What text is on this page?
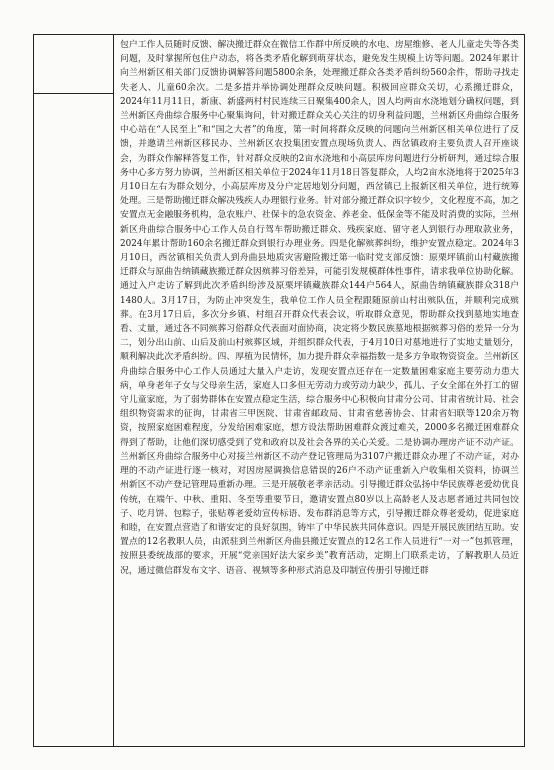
包户工作人员随时反馈、解决搬迁群众在微信工作群中所反映的水电、房屋维修、老人儿童走失等各类问题，及时掌握所包住户动态，将各类矛盾化解到萌芽状态，避免发生规模上访等问题。2024年累计向兰州新区相关部门反馈协调解答问题5800余条，处理搬迁群众各类矛盾纠纷560余件，帮助寻找走失老人、儿童60余次。二是多措并举协调处理群众反映问题。积极回应群众关切，心系搬迁群众，2024年11月11日，新康、新盛两村村民连续三日聚集400余人，因人均两亩水浇地划分确权问题，到兰州新区舟曲综合服务中心聚集询问，针对搬迁群众关心关注的切身利益问题，兰州新区舟曲综合服务中心站在“人民至上”和“国之大者”的角度，第一时间将群众反映的问题向兰州新区相关单位进行了反馈，并邀请兰州新区移民办、兰州新区农投集团安置点现场负责人、西岔镇政府主要负责人召开座谈会，为群众作解释答复工作，针对群众反映的2亩水浇地和小高层库房问题进行分析研判，通过综合服务中心多方努力协调，兰州新区相关单位于2024年11月18日答复群众，人均2亩水浇地将于2025年3月10日左右为群众划分，小高层库房及分户定居地划分问题，西岔镇已上报新区相关单位，进行统筹处理。三是帮助搬迁群众解决残疾人办理银行业务。针对部分搬迁群众识字较少，文化程度不高，加之安置点无金融服务机构，急农账户、社保卡的急农资金、养老金、低保金等不能及时消费的实际，兰州新区舟曲综合服务中心工作人员自行驾车帮助搬迁群众、残疾家庭、留守老人到银行办理取款业务，2024年累计帮助160余名搬迁群众到银行办理业务。四是化解殡葬纠纷，维护安置点稳定。2024年3月10日，西岔镇相关负责人到舟曲县地质灾害避险搬迁第一临时党支部反馈：原栗坪镇前山村藏族搬迁群众与原曲告纳镇藏族搬迁群众因殡葬习俗差异，可能引发规模群体性事件，请求我单位协助化解。通过入户走访了解到此次矛盾纠纷涉及原栗坪镇藏族群众144户564人，原曲告纳镇藏族群众318户1480人。3月17日，为防止冲突发生，我单位工作人员全程跟随原前山村出殡队伍，并顺利完成殡葬。在3月17日后，多次分乡镇、村组召开群众代表会议，听取群众意见，帮助群众找到墓地实地查看、丈量，通过各不同殡葬习俗群众代表面对面协商，决定将少数民族墓地根据殡葬习俗的差异一分为二，划分出山前、山后及前山村殡葬区域，并组织群众代表，于4月10日对墓地进行了实地丈量划分，顺利解决此次矛盾纠纷。四、厚植为民情怀，加力提升群众幸福指数一是多方争取物资资金。兰州新区舟曲综合服务中心工作人员通过大量入户走访，发现安置点还存在一定数量困难家庭主要劳动力患大病，单身老年子女与父母亲生活，家庭人口多但无劳动力或劳动力缺少，孤儿、子女全部在外打工的留守儿童家庭，为了弱势群体在安置点稳定生活，综合服务中心积极向甘肃分公司、甘肃省统计局、社会组织物资需求的征询，甘肃省三甲医院、甘肃省邮政局、甘肃省慈善协会、甘肃省妇联等120余万物资，按照家庭困难程度，分发给困难家庭，想方设法帮助困难群众渡过难关，2000多名搬迁困难群众得到了帮助，让他们深切感受到了党和政府以及社会各界的关心关爱。二是协调办理房产证不动产证。兰州新区舟曲综合服务中心对接兰州新区不动产登记管理局为3107户搬迁群众办理了不动产证，对办理的不动产证进行逐一核对，对因房屋调换信息错误的26户不动产证重新入户收集相关资料，协调兰州新区不动产登记管理局重新办理。三是开展敬老孝亲活动。引导搬迁群众弘扬中华民族尊老爱幼优良传统，在端午、中秋、重阳、冬至等重要节日，邀请安置点80岁以上高龄老人及志愿者通过共同包饺子、吃月饼、包粽子，张贴尊老爱幼宣传标语、发布群消息等方式，引导搬迁群众尊老爱幼，促进家庭和睦，在安置点营造了和谐安定的良好氛围，铸牢了中华民族共同体意识。四是开展民族团结互助。安置点的12名教职人员，由派驻到兰州新区舟曲县搬迁安置点的12名工作人员进行“一对一”包抓管理，按照县委统战部的要求，开展“党亲国好法大家乡美”教育活动，定期上门联系走访，了解教职人员近况，通过微信群发布文字、语音、视频等多种形式消息及印制宣传册引导搬迁群
